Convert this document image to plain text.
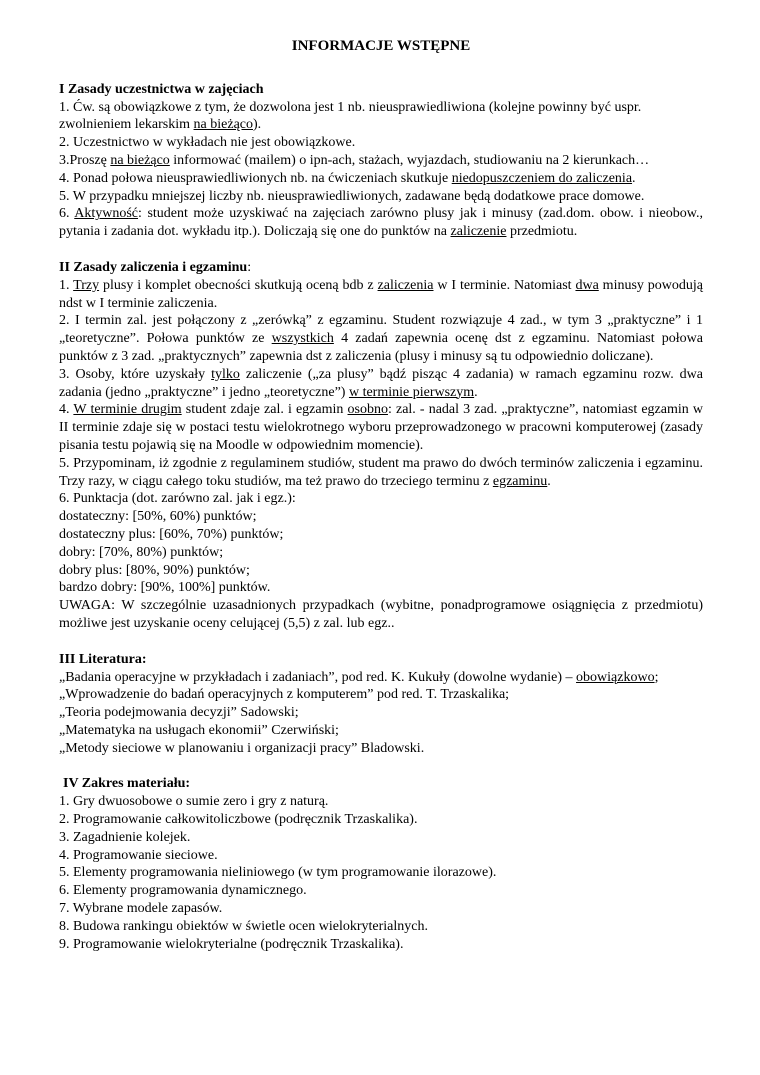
INFORMACJE WSTĘPNE
I Zasady uczestnictwa w zajęciach
1. Ćw. są obowiązkowe z tym, że dozwolona jest 1 nb. nieusprawiedliwiona (kolejne powinny być uspr. zwolnieniem lekarskim na bieżąco).
2. Uczestnictwo w wykładach nie jest obowiązkowe.
3.Proszę na bieżąco informować (mailem) o ipn-ach, stażach, wyjazdach, studiowaniu na 2 kierunkach…
4. Ponad połowa nieusprawiedliwionych nb. na ćwiczeniach skutkuje niedopuszczeniem do zaliczenia.
5. W przypadku mniejszej liczby nb. nieusprawiedliwionych, zadawane będą dodatkowe prace domowe.
6. Aktywność: student może uzyskiwać na zajęciach zarówno plusy jak i minusy (zad.dom. obow. i nieobow., pytania i zadania dot. wykładu itp.). Doliczają się one do punktów na zaliczenie przedmiotu.
II Zasady zaliczenia i egzaminu:
1. Trzy plusy i komplet obecności skutkują oceną bdb z zaliczenia w I terminie. Natomiast dwa minusy powodują ndst w I terminie zaliczenia.
2. I termin zal. jest połączony z „zerówką” z egzaminu. Student rozwiązuje 4 zad., w tym 3 „praktyczne” i 1 „teoretyczne”. Połowa punktów ze wszystkich 4 zadań zapewnia ocenę dst z egzaminu. Natomiast połowa punktów z 3 zad. „praktycznych” zapewnia dst z zaliczenia (plusy i minusy są tu odpowiednio doliczane).
3. Osoby, które uzyskały tylko zaliczenie („za plusy” bądź pisząc 4 zadania) w ramach egzaminu rozw. dwa zadania (jedno „praktyczne” i jedno „teoretyczne”) w terminie pierwszym.
4. W terminie drugim student zdaje zal. i egzamin osobno: zal. - nadal 3 zad. „praktyczne”, natomiast egzamin w II terminie zdaje się w postaci testu wielokrotnego wyboru przeprowadzonego w pracowni komputerowej (zasady pisania testu pojawią się na Moodle w odpowiednim momencie).
5. Przypominam, iż zgodnie z regulaminem studiów, student ma prawo do dwóch terminów zaliczenia i egzaminu. Trzy razy, w ciągu całego toku studiów, ma też prawo do trzeciego terminu z egzaminu.
6. Punktacja (dot. zarówno zal. jak i egz.):
dostateczny: [50%, 60%) punktów;
dostateczny plus: [60%, 70%) punktów;
dobry: [70%, 80%) punktów;
dobry plus: [80%, 90%) punktów;
bardzo dobry: [90%, 100%] punktów.
UWAGA: W szczególnie uzasadnionych przypadkach (wybitne, ponadprogramowe osiągnięcia z przedmiotu) możliwe jest uzyskanie oceny celującej (5,5) z zal. lub egz..
III Literatura:
„Badania operacyjne w przykładach i zadaniach”, pod red. K. Kukuły (dowolne wydanie) – obowiązkowo;
„Wprowadzenie do badań operacyjnych z komputerem” pod red. T. Trzaskalika;
„Teoria podejmowania decyzji” Sadowski;
„Matematyka na usługach ekonomii” Czerwiński;
„Metody sieciowe w planowaniu i organizacji pracy” Bladowski.
IV Zakres materiału:
1. Gry dwuosobowe o sumie zero i gry z naturą.
2. Programowanie całkowitoliczbowe (podręcznik Trzaskalika).
3. Zagadnienie kolejek.
4. Programowanie sieciowe.
5. Elementy programowania nieliniowego (w tym programowanie ilorazowe).
6. Elementy programowania dynamicznego.
7. Wybrane modele zapasów.
8. Budowa rankingu obiektów w świetle ocen wielokryterialnych.
9. Programowanie wielokryterialne (podręcznik Trzaskalika).
